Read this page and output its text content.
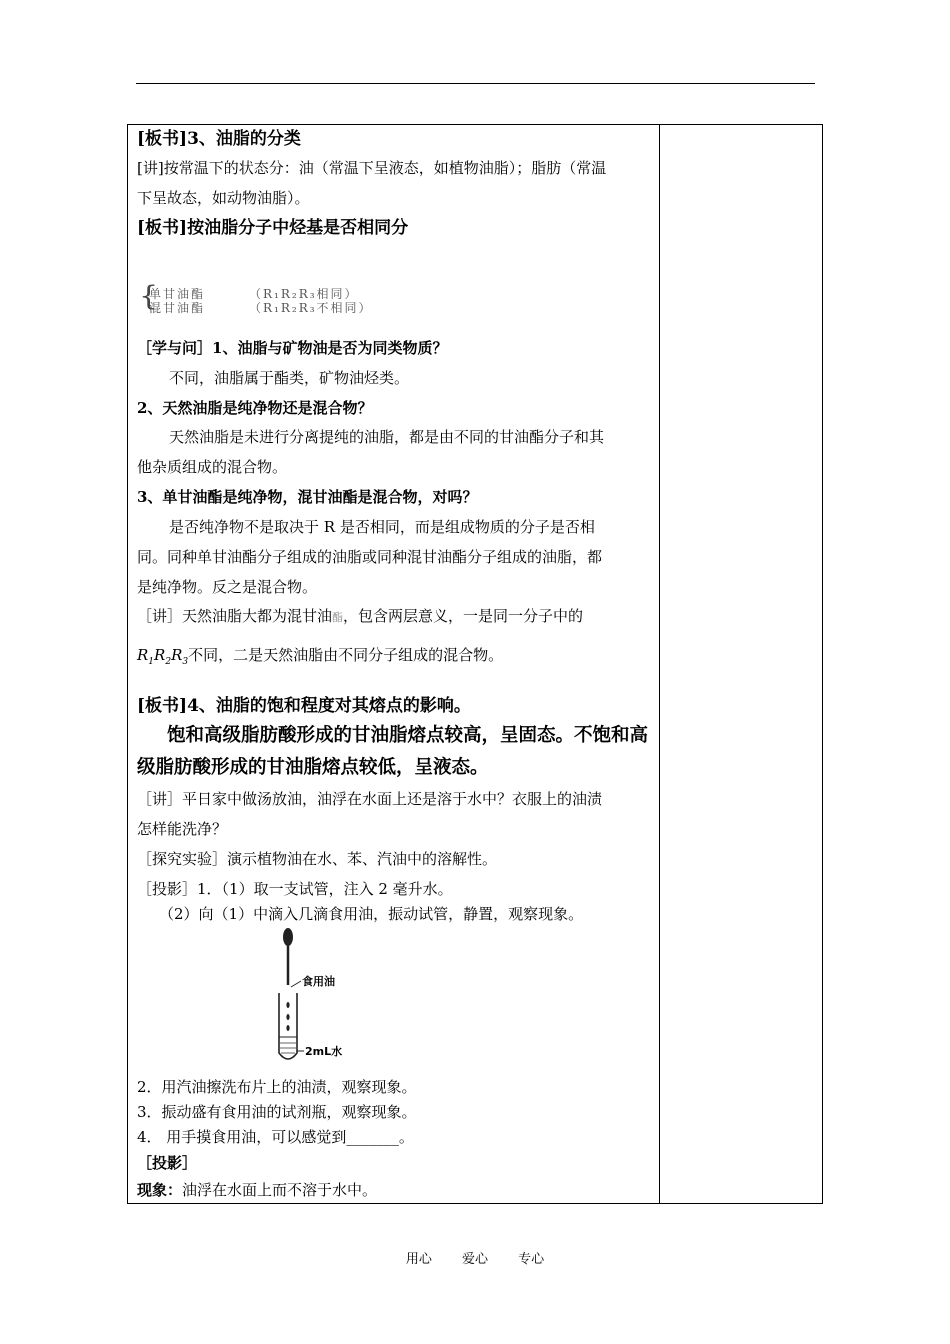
[板书]3、油脂的分类
[讲]按常温下的状态分：油（常温下呈液态，如植物油脂）；脂肪（常温
下呈故态，如动物油脂）。
[板书]按油脂分子中烃基是否相同分
{
单甘油酯	（R₁R₂R₃相同）
混甘油酯	（R₁R₂R₃不相同）
［学与问］1、油脂与矿物油是否为同类物质？
不同，油脂属于酯类，矿物油烃类。
2、天然油脂是纯净物还是混合物？
天然油脂是未进行分离提纯的油脂，都是由不同的甘油酯分子和其
他杂质组成的混合物。
3、单甘油酯是纯净物，混甘油酯是混合物，对吗？
是否纯净物不是取决于 R 是否相同，而是组成物质的分子是否相
同。同种单甘油酯分子组成的油脂或同种混甘油酯分子组成的油脂，都
是纯净物。反之是混合物。
［讲］天然油脂大都为混甘油酯，包含两层意义，一是同一分子中的
$R_1R_2R_3$不同，二是天然油脂由不同分子组成的混合物。
[板书]4、油脂的饱和程度对其熔点的影响。
饱和高级脂肪酸形成的甘油脂熔点较高，呈固态。不饱和高
级脂肪酸形成的甘油脂熔点较低，呈液态。
［讲］平日家中做汤放油，油浮在水面上还是溶于水中？衣服上的油渍
怎样能洗净？
［探究实验］演示植物油在水、苯、汽油中的溶解性。
［投影］1．（1）取一支试管，注入 2 毫升水。
（2）向（1）中滴入几滴食用油，振动试管，静置，观察现象。
食用油
2mL水
2．用汽油擦洗布片上的油渍，观察现象。
3．振动盛有食用油的试剂瓶，观察现象。
4． 用手摸食用油，可以感觉到_______。
［投影］
现象：油浮在水面上而不溶于水中。
用心 爱心 专心
